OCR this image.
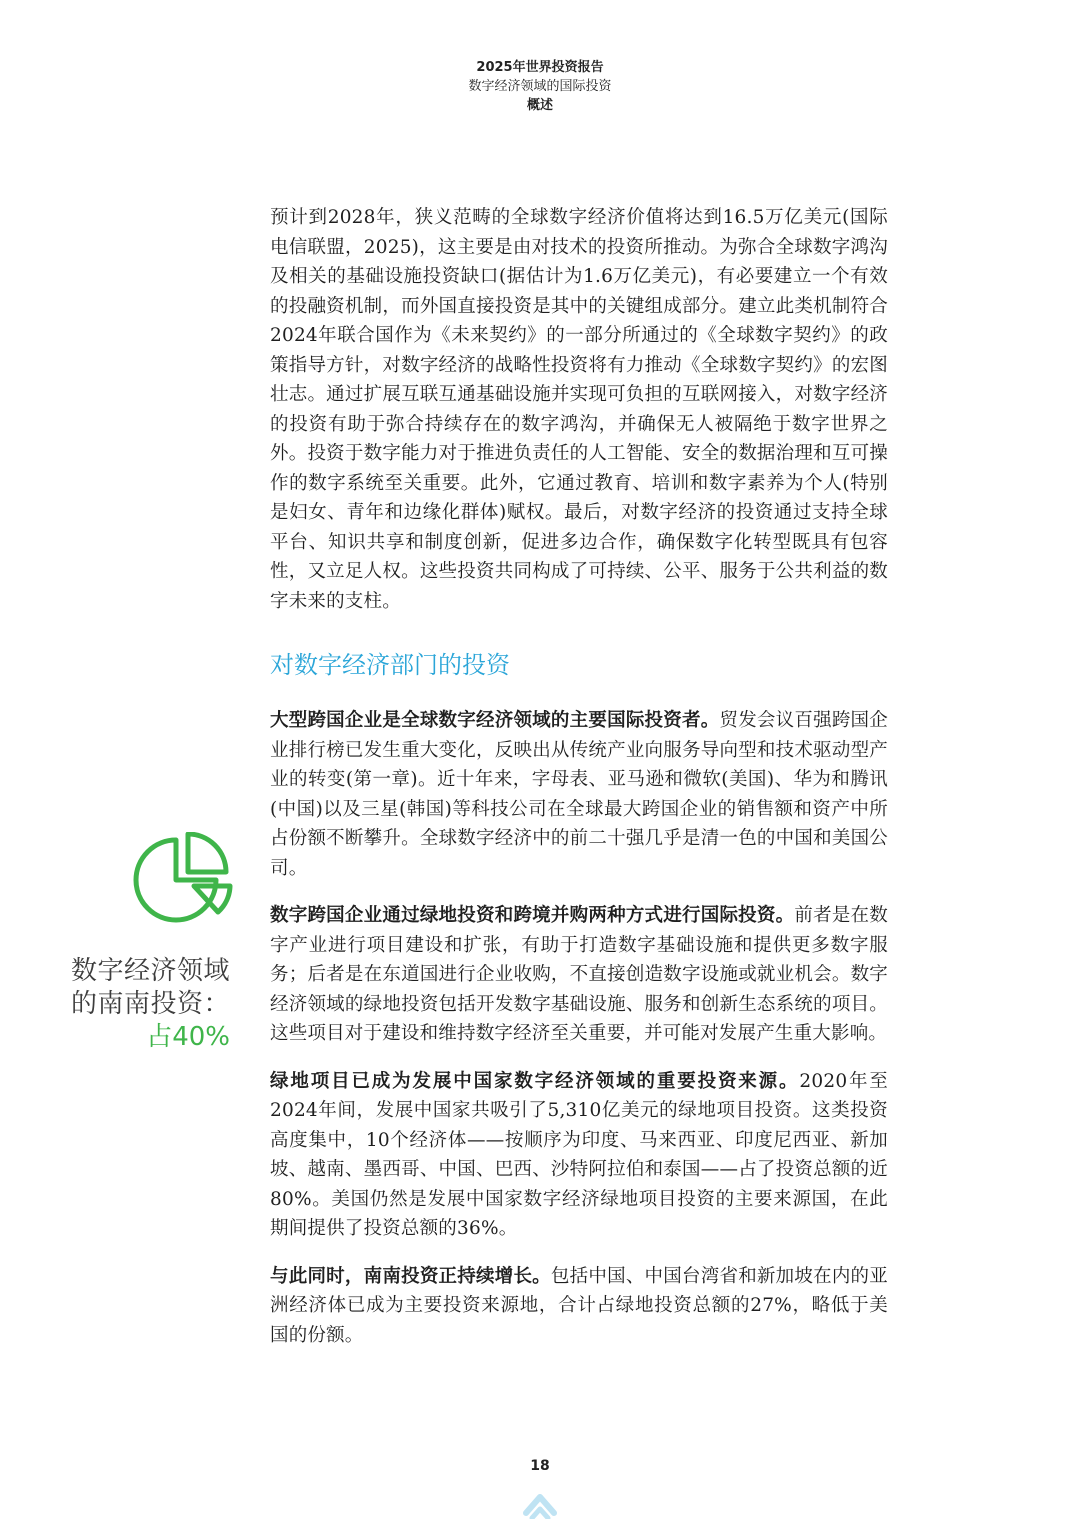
2025年世界投资报告
数字经济领域的国际投资
概述

预计到2028年，狭义范畴的全球数字经济价值将达到16.5万亿美元(国际电信联盟，2025)，这主要是由对技术的投资所推动。为弥合全球数字鸿沟及相关的基础设施投资缺口(据估计为1.6万亿美元)，有必要建立一个有效的投融资机制，而外国直接投资是其中的关键组成部分。建立此类机制符合2024年联合国作为《未来契约》的一部分所通过的《全球数字契约》的政策指导方针，对数字经济的战略性投资将有力推动《全球数字契约》的宏图壮志。通过扩展互联互通基础设施并实现可负担的互联网接入，对数字经济的投资有助于弥合持续存在的数字鸿沟，并确保无人被隔绝于数字世界之外。投资于数字能力对于推进负责任的人工智能、安全的数据治理和互可操作的数字系统至关重要。此外，它通过教育、培训和数字素养为个人(特别是妇女、青年和边缘化群体)赋权。最后，对数字经济的投资通过支持全球平台、知识共享和制度创新，促进多边合作，确保数字化转型既具有包容性，又立足人权。这些投资共同构成了可持续、公平、服务于公共利益的数字未来的支柱。

对数字经济部门的投资

大型跨国企业是全球数字经济领域的主要国际投资者。贸发会议百强跨国企业排行榜已发生重大变化，反映出从传统产业向服务导向型和技术驱动型产业的转变(第一章)。近十年来，字母表、亚马逊和微软(美国)、华为和腾讯(中国)以及三星(韩国)等科技公司在全球最大跨国企业的销售额和资产中所占份额不断攀升。全球数字经济中的前二十强几乎是清一色的中国和美国公司。

数字跨国企业通过绿地投资和跨境并购两种方式进行国际投资。前者是在数字产业进行项目建设和扩张，有助于打造数字基础设施和提供更多数字服务；后者是在东道国进行企业收购，不直接创造数字设施或就业机会。数字经济领域的绿地投资包括开发数字基础设施、服务和创新生态系统的项目。这些项目对于建设和维持数字经济至关重要，并可能对发展产生重大影响。

绿地项目已成为发展中国家数字经济领域的重要投资来源。2020年至2024年间，发展中国家共吸引了5,310亿美元的绿地项目投资。这类投资高度集中，10个经济体——按顺序为印度、马来西亚、印度尼西亚、新加坡、越南、墨西哥、中国、巴西、沙特阿拉伯和泰国——占了投资总额的近80%。美国仍然是发展中国家数字经济绿地项目投资的主要来源国，在此期间提供了投资总额的36%。

与此同时，南南投资正持续增长。包括中国、中国台湾省和新加坡在内的亚洲经济体已成为主要投资来源地，合计占绿地投资总额的27%，略低于美国的份额。

数字经济领域
的南南投资：
占40%
18
